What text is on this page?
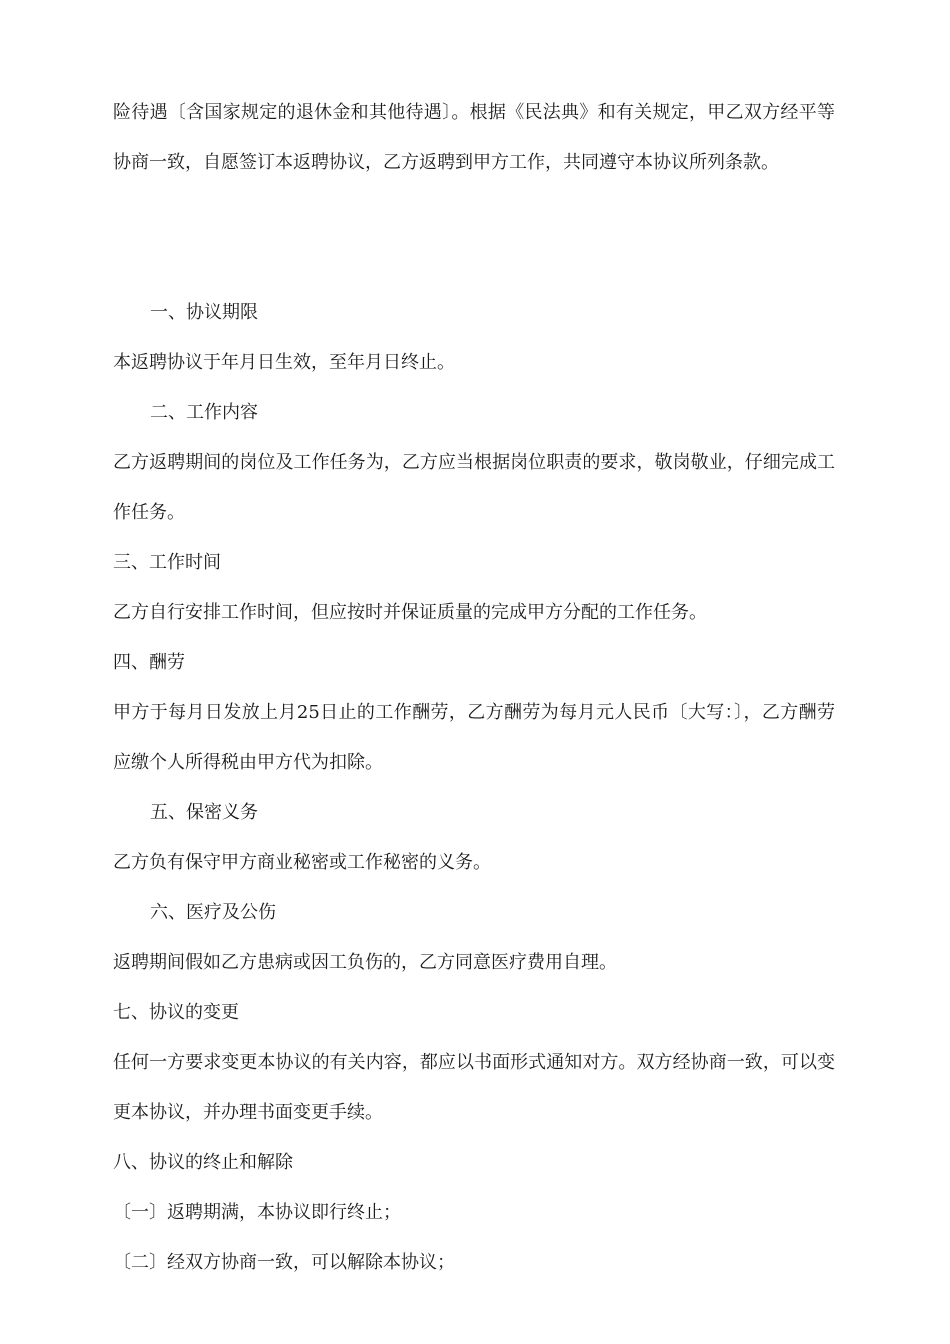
险待遇〔含国家规定的退休金和其他待遇〕。根据《民法典》和有关规定，甲乙双方经平等协商一致，自愿签订本返聘协议，乙方返聘到甲方工作，共同遵守本协议所列条款。

一、协议期限

本返聘协议于年月日生效，至年月日终止。

二、工作内容

乙方返聘期间的岗位及工作任务为，乙方应当根据岗位职责的要求，敬岗敬业，仔细完成工作任务。

三、工作时间

乙方自行安排工作时间，但应按时并保证质量的完成甲方分配的工作任务。

四、酬劳

甲方于每月日发放上月25日止的工作酬劳，乙方酬劳为每月元人民币〔大写：〕，乙方酬劳应缴个人所得税由甲方代为扣除。

五、保密义务

乙方负有保守甲方商业秘密或工作秘密的义务。

六、医疗及公伤

返聘期间假如乙方患病或因工负伤的，乙方同意医疗费用自理。

七、协议的变更

任何一方要求变更本协议的有关内容，都应以书面形式通知对方。双方经协商一致，可以变更本协议，并办理书面变更手续。

八、协议的终止和解除

〔一〕返聘期满，本协议即行终止；

〔二〕经双方协商一致，可以解除本协议；
